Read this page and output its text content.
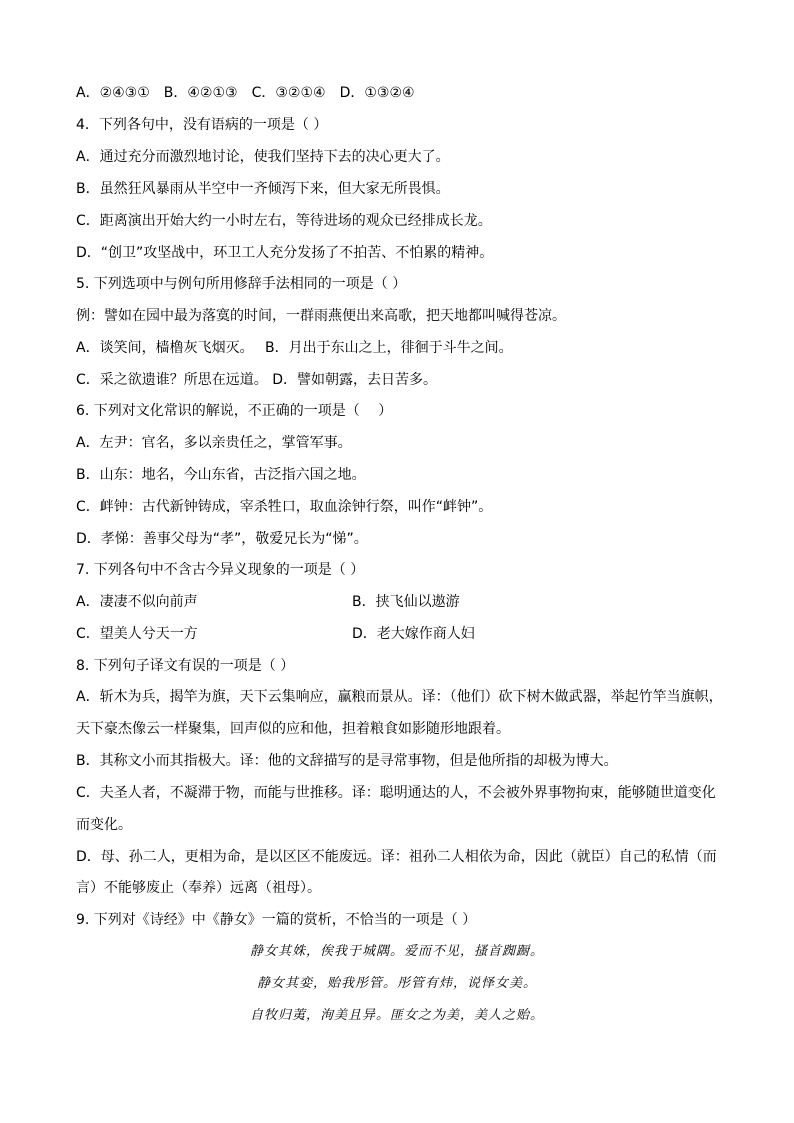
A．②④③①　B．④②①③　C．③②①④　D．①③②④
4．下列各句中，没有语病的一项是（ ）
A．通过充分而激烈地讨论，使我们坚持下去的决心更大了。
B．虽然狂风暴雨从半空中一齐倾泻下来，但大家无所畏惧。
C．距离演出开始大约一小时左右，等待进场的观众已经排成长龙。
D．“创卫”攻坚战中，环卫工人充分发扬了不拍苦、不怕累的精神。
5. 下列选项中与例句所用修辞手法相同的一项是（ ）
例：譬如在园中最为落寞的时间，一群雨燕便出来高歌，把天地都叫喊得苍凉。
A．谈笑间，樯橹灰飞烟灭。　 B．月出于东山之上，徘徊于斗牛之间。
C．采之欲遗谁？所思在远道。 D．譬如朝露，去日苦多。
6. 下列对文化常识的解说，不正确的一项是（　 ）
A．左尹：官名，多以亲贵任之，掌管军事。
B．山东：地名，今山东省，古泛指六国之地。
C．衅钟：古代新钟铸成，宰杀牲口，取血涂钟行祭，叫作“衅钟”。
D．孝悌：善事父母为“孝”，敬爱兄长为“悌”。
7. 下列各句中不含古今异义现象的一项是（ ）
A．凄凄不似向前声	B．挟飞仙以遨游
C．望美人兮天一方	D．老大嫁作商人妇
8. 下列句子译文有误的一项是（ ）
A．斩木为兵，揭竿为旗，天下云集响应，赢粮而景从。译：（他们）砍下树木做武器，举起竹竿当旗帜，
天下豪杰像云一样聚集，回声似的应和他，担着粮食如影随形地跟着。
B．其称文小而其指极大。译：他的文辞描写的是寻常事物，但是他所指的却极为博大。
C．夫圣人者，不凝滞于物，而能与世推移。译：聪明通达的人，不会被外界事物拘束，能够随世道变化
而变化。
D．母、孙二人，更相为命，是以区区不能废远。译：祖孙二人相依为命，因此（就臣）自己的私情（而
言）不能够废止（奉养）远离（祖母）。
9. 下列对《诗经》中《静女》一篇的赏析，不恰当的一项是（ ）
静女其姝，俟我于城隅。爱而不见，搔首踟蹰。
静女其娈，贻我彤管。彤管有炜，说怿女美。
自牧归荑，洵美且异。匪女之为美，美人之贻。
